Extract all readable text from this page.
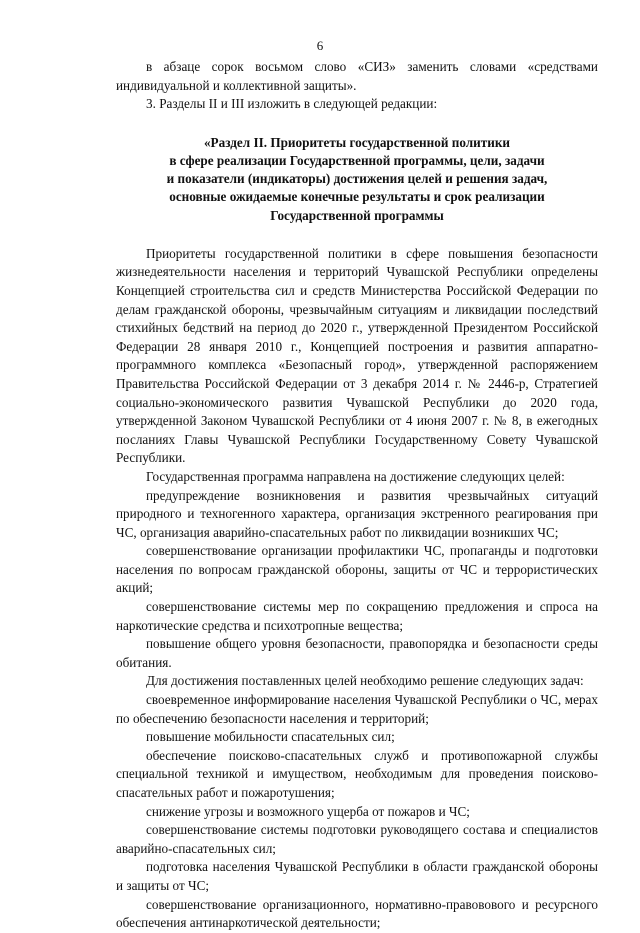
6

в абзаце сорок восьмом слово «СИЗ» заменить словами «средствами индивидуальной и коллективной защиты».

3. Разделы II и III изложить в следующей редакции:

«Раздел II. Приоритеты государственной политики
в сфере реализации Государственной программы, цели, задачи
и показатели (индикаторы) достижения целей и решения задач,
основные ожидаемые конечные результаты и срок реализации
Государственной программы

Приоритеты государственной политики в сфере повышения безопасности жизнедеятельности населения и территорий Чувашской Республики определены Концепцией строительства сил и средств Министерства Российской Федерации по делам гражданской обороны, чрезвычайным ситуациям и ликвидации последствий стихийных бедствий на период до 2020 г., утвержденной Президентом Российской Федерации 28 января 2010 г., Концепцией построения и развития аппаратно-программного комплекса «Безопасный город», утвержденной распоряжением Правительства Российской Федерации от 3 декабря 2014 г. № 2446-р, Стратегией социально-экономического развития Чувашской Республики до 2020 года, утвержденной Законом Чувашской Республики от 4 июня 2007 г. № 8, в ежегодных посланиях Главы Чувашской Республики Государственному Совету Чувашской Республики.

Государственная программа направлена на достижение следующих целей:

предупреждение возникновения и развития чрезвычайных ситуаций природного и техногенного характера, организация экстренного реагирования при ЧС, организация аварийно-спасательных работ по ликвидации возникших ЧС;

совершенствование организации профилактики ЧС, пропаганды и подготовки населения по вопросам гражданской обороны, защиты от ЧС и террористических акций;

совершенствование системы мер по сокращению предложения и спроса на наркотические средства и психотропные вещества;

повышение общего уровня безопасности, правопорядка и безопасности среды обитания.

Для достижения поставленных целей необходимо решение следующих задач:

своевременное информирование населения Чувашской Республики о ЧС, мерах по обеспечению безопасности населения и территорий;

повышение мобильности спасательных сил;

обеспечение поисково-спасательных служб и противопожарной службы специальной техникой и имуществом, необходимым для проведения поисково-спасательных работ и пожаротушения;

снижение угрозы и возможного ущерба от пожаров и ЧС;

совершенствование системы подготовки руководящего состава и специалистов аварийно-спасательных сил;

подготовка населения Чувашской Республики в области гражданской обороны и защиты от ЧС;

совершенствование организационного, нормативно-правовового и ресурсного обеспечения антинаркотической деятельности;
